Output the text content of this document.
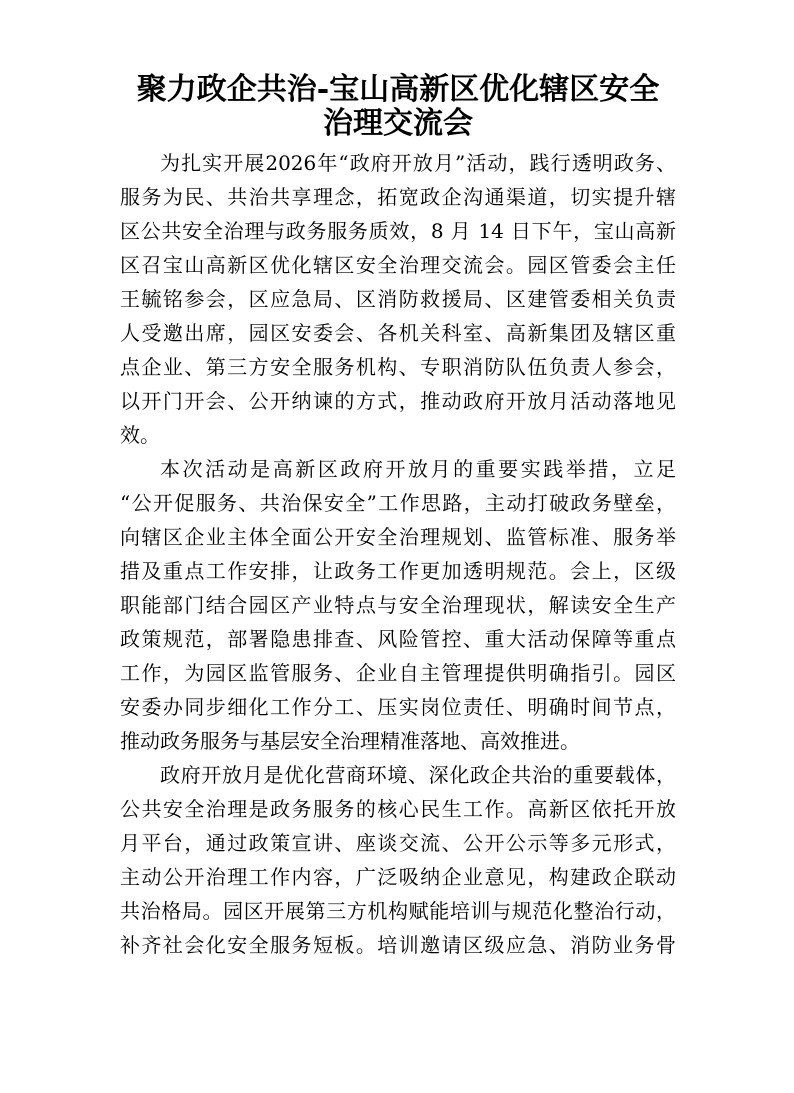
聚力政企共治-宝山高新区优化辖区安全
治理交流会

为扎实开展2026年“政府开放月”活动，践行透明政务、
服务为民、共治共享理念，拓宽政企沟通渠道，切实提升辖
区公共安全治理与政务服务质效，8 月 14 日下午，宝山高新
区召宝山高新区优化辖区安全治理交流会。园区管委会主任
王毓铭参会，区应急局、区消防救援局、区建管委相关负责
人受邀出席，园区安委会、各机关科室、高新集团及辖区重
点企业、第三方安全服务机构、专职消防队伍负责人参会，
以开门开会、公开纳谏的方式，推动政府开放月活动落地见
效。

本次活动是高新区政府开放月的重要实践举措，立足
“公开促服务、共治保安全”工作思路，主动打破政务壁垒，
向辖区企业主体全面公开安全治理规划、监管标准、服务举
措及重点工作安排，让政务工作更加透明规范。会上，区级
职能部门结合园区产业特点与安全治理现状，解读安全生产
政策规范，部署隐患排查、风险管控、重大活动保障等重点
工作，为园区监管服务、企业自主管理提供明确指引。园区
安委办同步细化工作分工、压实岗位责任、明确时间节点，
推动政务服务与基层安全治理精准落地、高效推进。

政府开放月是优化营商环境、深化政企共治的重要载体，
公共安全治理是政务服务的核心民生工作。高新区依托开放
月平台，通过政策宣讲、座谈交流、公开公示等多元形式，
主动公开治理工作内容，广泛吸纳企业意见，构建政企联动
共治格局。园区开展第三方机构赋能培训与规范化整治行动，
补齐社会化安全服务短板。培训邀请区级应急、消防业务骨
